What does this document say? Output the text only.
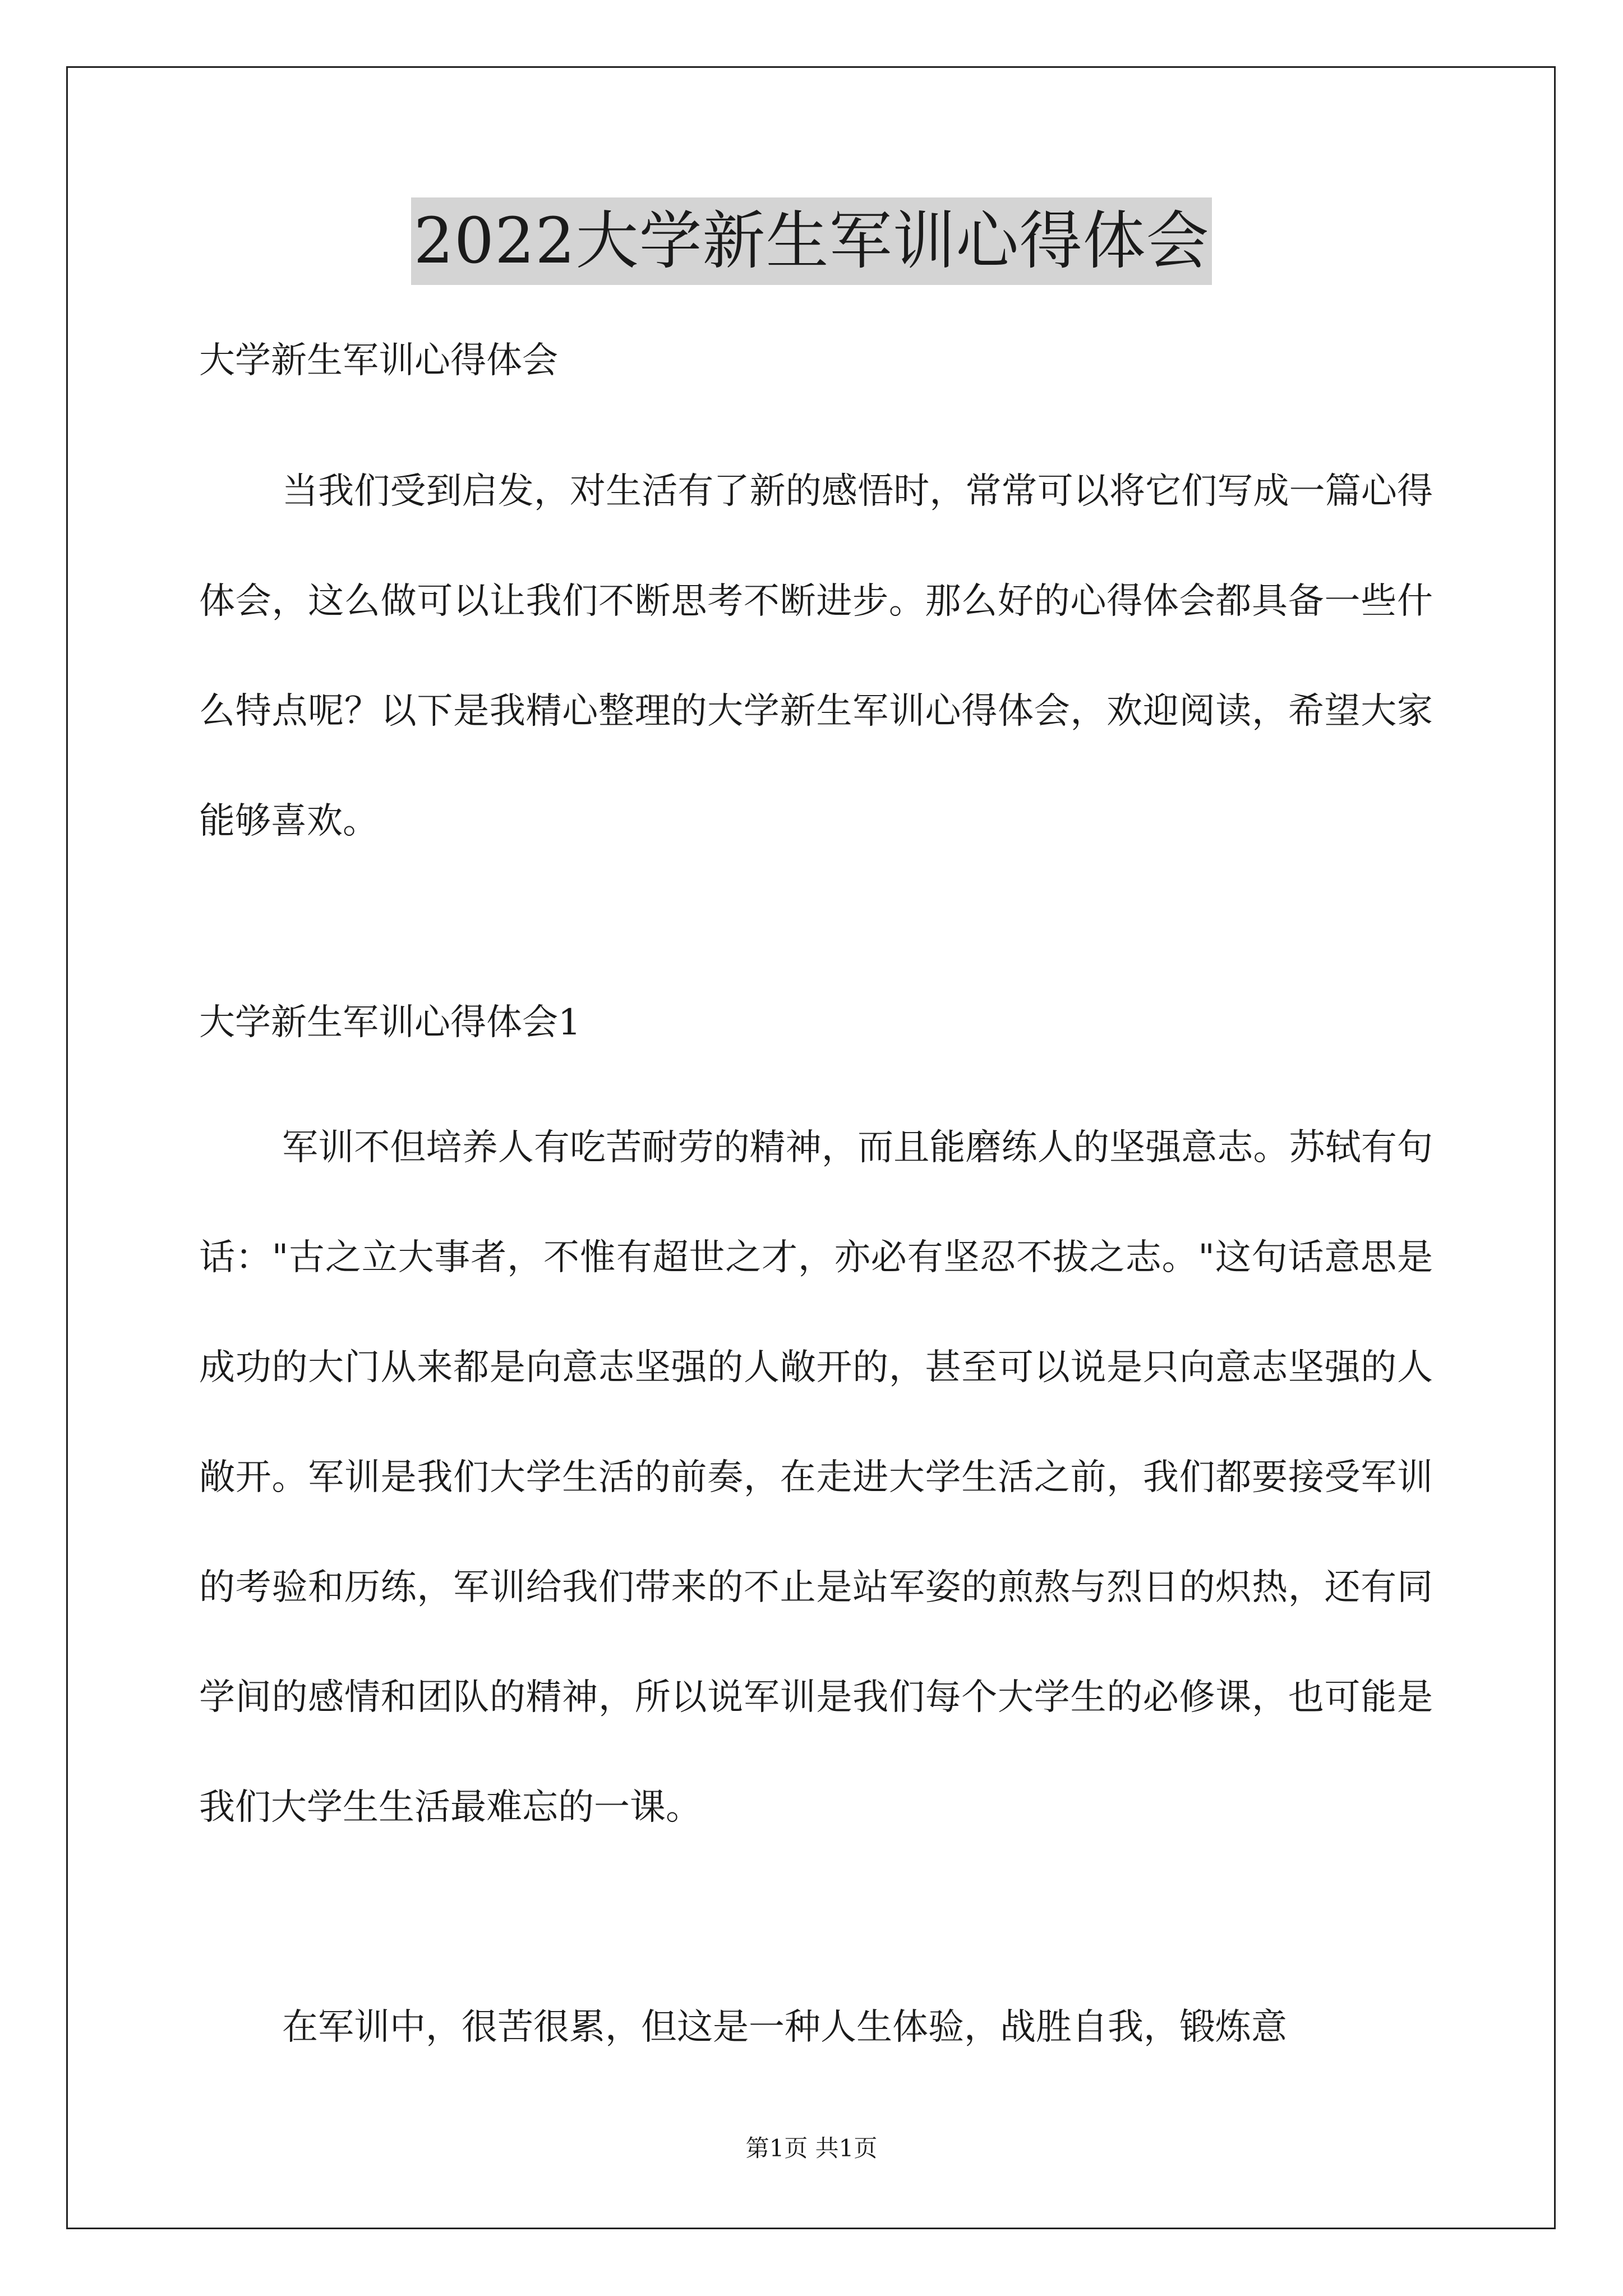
2022大学新生军训心得体会
大学新生军训心得体会

当我们受到启发，对生活有了新的感悟时，常常可以将它们写成一篇心得体会，这么做可以让我们不断思考不断进步。那么好的心得体会都具备一些什么特点呢？以下是我精心整理的大学新生军训心得体会，欢迎阅读，希望大家能够喜欢。

大学新生军训心得体会1

军训不但培养人有吃苦耐劳的精神，而且能磨练人的坚强意志。苏轼有句话："古之立大事者，不惟有超世之才，亦必有坚忍不拔之志。"这句话意思是成功的大门从来都是向意志坚强的人敞开的，甚至可以说是只向意志坚强的人敞开。军训是我们大学生活的前奏，在走进大学生活之前，我们都要接受军训的考验和历练，军训给我们带来的不止是站军姿的煎熬与烈日的炽热，还有同学间的感情和团队的精神，所以说军训是我们每个大学生的必修课，也可能是我们大学生生活最难忘的一课。

在军训中，很苦很累，但这是一种人生体验，战胜自我，锻炼意

第1页 共1页
